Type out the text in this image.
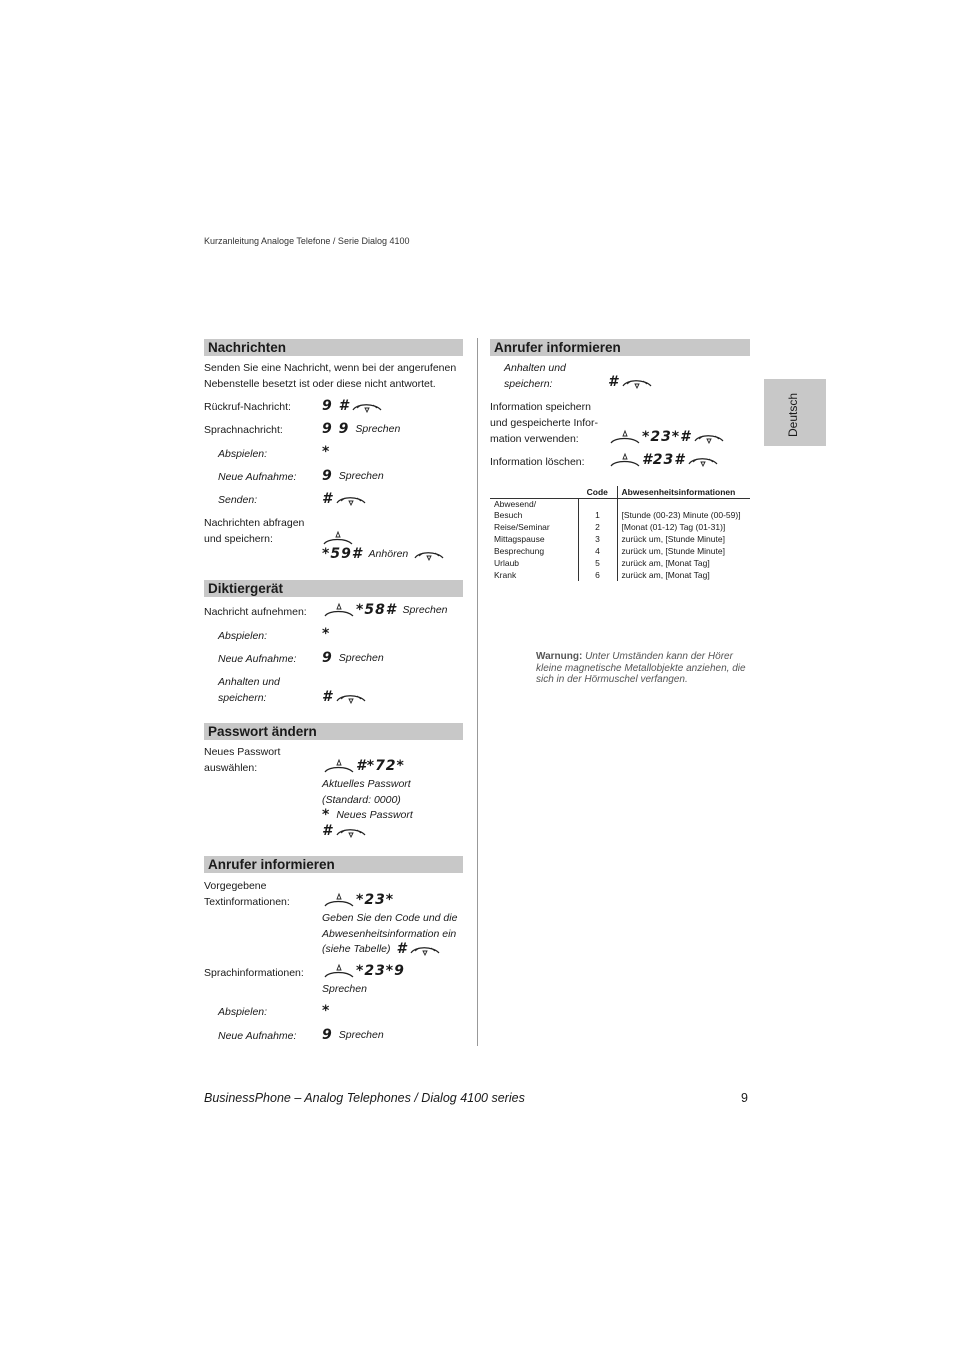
Kurzanleitung Analoge Telefone / Serie Dialog 4100
Deutsch
Nachrichten
Senden Sie eine Nachricht, wenn bei der angerufenen
Nebenstelle besetzt ist oder diese nicht antwortet.
Rückruf-Nachricht: 9 #
Sprachnachricht:	9 9 Sprechen
Abspielen:	*
Neue Aufnahme: 9 Sprechen
Senden:	#
Nachrichten abfragen
und speichern:
*59# Anhören
Diktiergerät
Nachricht aufnehmen:	*58# Sprechen
Abspielen:	*
Neue Aufnahme: 9 Sprechen
Anhalten und
speichern:	#
Passwort ändern
Neues Passwort
auswählen:	#*72*
Aktuelles Passwort
(Standard: 0000)
* Neues Passwort
#
Anrufer informieren
Vorgegebene
Textinformationen:	*23*
Geben Sie den Code und die
Abwesenheitsinformation ein
(siehe Tabelle) #
Sprachinformationen:	*23*9
Sprechen
Abspielen:	*
Neue Aufnahme: 9 Sprechen
Anrufer informieren
Anhalten und
speichern:	#
Information speichern
und gespeicherte Infor-
mation verwenden:	*23*#
Information löschen:	#23#
	Code	Abwesenheitsinformationen
Abwesend/		
Besuch	1	[Stunde (00-23) Minute (00-59)]
Reise/Seminar	2	[Monat (01-12) Tag (01-31)]
Mittagspause	3	zurück um, [Stunde Minute]
Besprechung	4	zurück um, [Stunde Minute]
Urlaub	5	zurück am, [Monat Tag]
Krank	6	zurück am, [Monat Tag]
Warnung: Unter Umständen kann der Hörer kleine magnetische Metallobjekte anziehen, die sich in der Hörmuschel verfangen.
BusinessPhone – Analog Telephones / Dialog 4100 series	9
